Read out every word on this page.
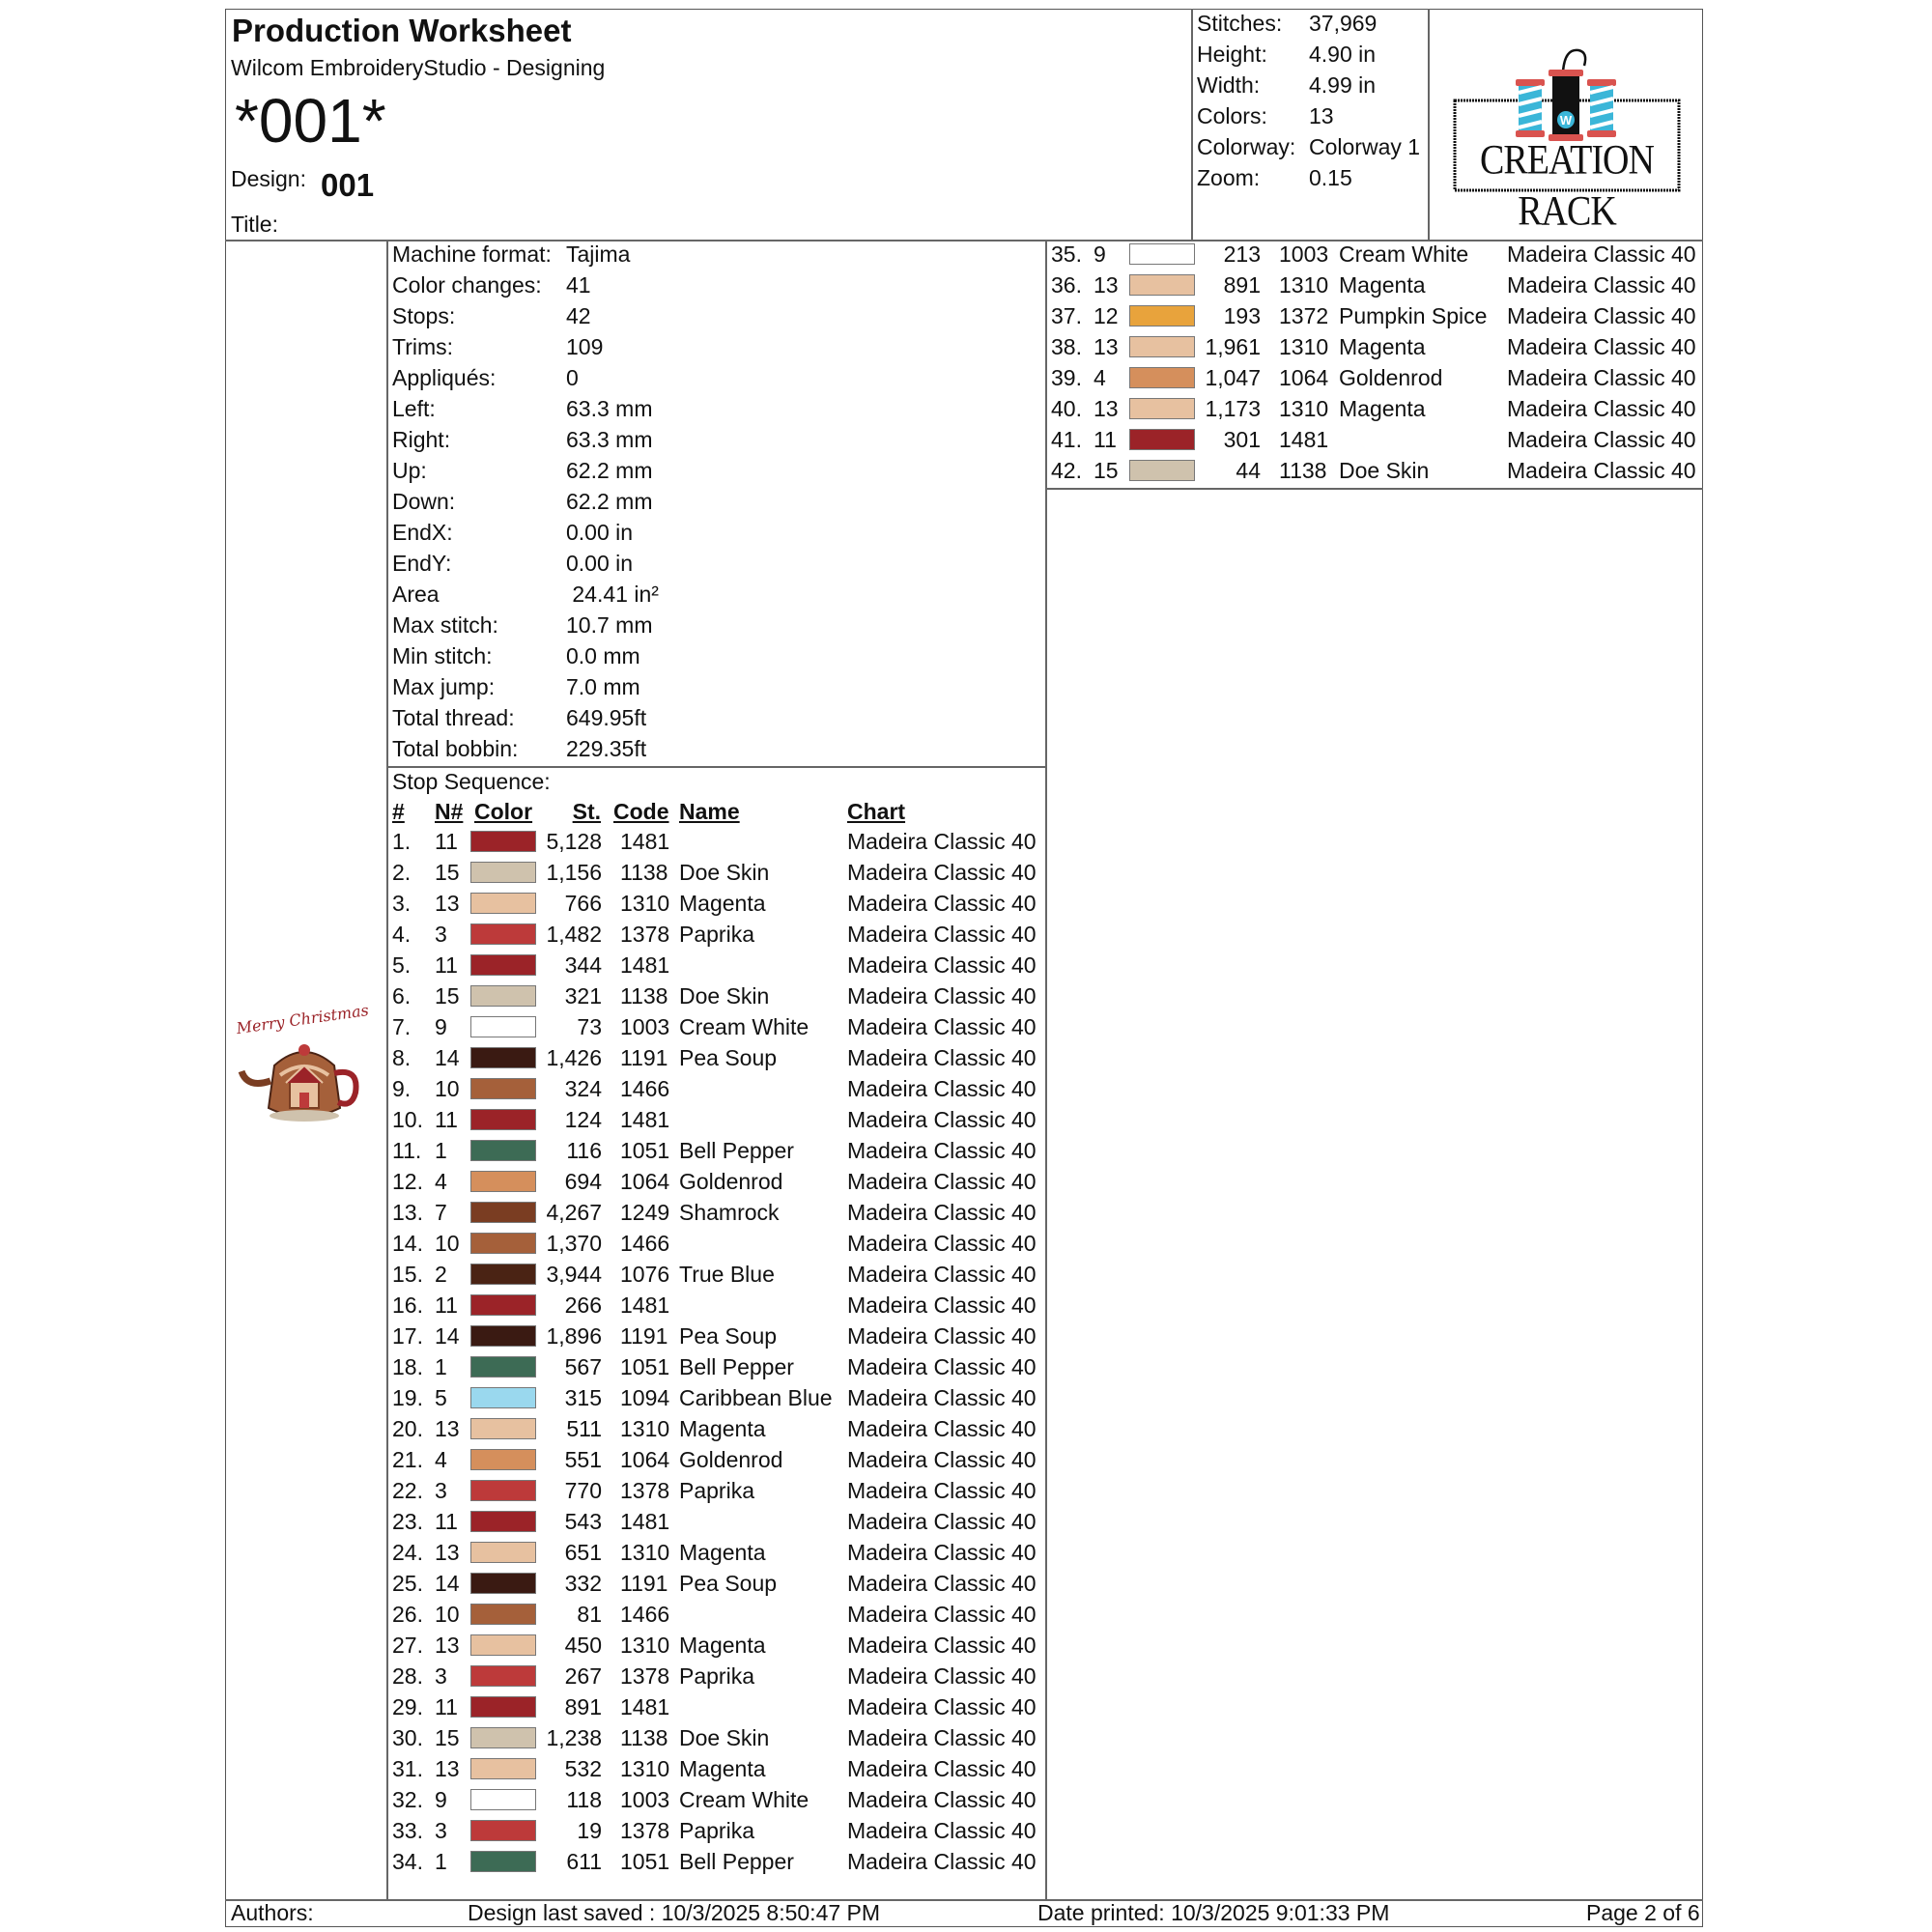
Production Worksheet
Wilcom EmbroideryStudio - Designing
*001*
Design: 001
Title:
Stitches: 37,969
Height: 4.90 in
Width: 4.99 in
Colors: 13
Colorway: Colorway 1
Zoom: 0.15
W
CREATION RACK
Merry Christmas
Machine format: Tajima
Color changes: 41
Stops:	42
Trims:	109
Appliqués:	0
Left:	63.3 mm
Right:	63.3 mm
Up:	62.2 mm
Down:	62.2 mm
EndX:	0.00 in
EndY:	0.00 in
Area	24.41 in²
Max stitch:	10.7 mm
Min stitch:	0.0 mm
Max jump:	7.0 mm
Total thread: 649.95ft
Total bobbin: 229.35ft
Stop Sequence:
# N# Color	St. Code Name	Chart
1. 11	5,128 1481	Madeira Classic 40
2. 15	1,156 1138 Doe Skin	Madeira Classic 40
3. 13	766 1310 Magenta	Madeira Classic 40
4. 3	1,482 1378 Paprika	Madeira Classic 40
5. 11	344 1481	Madeira Classic 40
6. 15	321 1138 Doe Skin	Madeira Classic 40
7. 9	73 1003 Cream White Madeira Classic 40
8. 14	1,426 1191 Pea Soup	Madeira Classic 40
9. 10	324 1466	Madeira Classic 40
10. 11	124 1481	Madeira Classic 40
11. 1	116 1051 Bell Pepper Madeira Classic 40
12. 4	694 1064 Goldenrod	Madeira Classic 40
13. 7	4,267 1249 Shamrock	Madeira Classic 40
14. 10	1,370 1466	Madeira Classic 40
15. 2	3,944 1076 True Blue	Madeira Classic 40
16. 11	266 1481	Madeira Classic 40
17. 14	1,896 1191 Pea Soup	Madeira Classic 40
18. 1	567 1051 Bell Pepper Madeira Classic 40
19. 5	315 1094 Caribbean Blue Madeira Classic 40
20. 13	511 1310 Magenta	Madeira Classic 40
21. 4	551 1064 Goldenrod	Madeira Classic 40
22. 3	770 1378 Paprika	Madeira Classic 40
23. 11	543 1481	Madeira Classic 40
24. 13	651 1310 Magenta	Madeira Classic 40
25. 14	332 1191 Pea Soup	Madeira Classic 40
26. 10	81 1466	Madeira Classic 40
27. 13	450 1310 Magenta	Madeira Classic 40
28. 3	267 1378 Paprika	Madeira Classic 40
29. 11	891 1481	Madeira Classic 40
30. 15	1,238 1138 Doe Skin	Madeira Classic 40
31. 13	532 1310 Magenta	Madeira Classic 40
32. 9	118 1003 Cream White Madeira Classic 40
33. 3	19 1378 Paprika	Madeira Classic 40
34. 1	611 1051 Bell Pepper Madeira Classic 40
35. 9	213 1003 Cream White Madeira Classic 40
36. 13	891 1310 Magenta	Madeira Classic 40
37. 12	193 1372 Pumpkin Spice Madeira Classic 40
38. 13	1,961 1310 Magenta	Madeira Classic 40
39. 4	1,047 1064 Goldenrod	Madeira Classic 40
40. 13	1,173 1310 Magenta	Madeira Classic 40
41. 11	301 1481	Madeira Classic 40
42. 15	44 1138 Doe Skin	Madeira Classic 40
Authors:	Design last saved : 10/3/2025 8:50:47 PM	Date printed: 10/3/2025 9:01:33 PM	Page 2 of 6
